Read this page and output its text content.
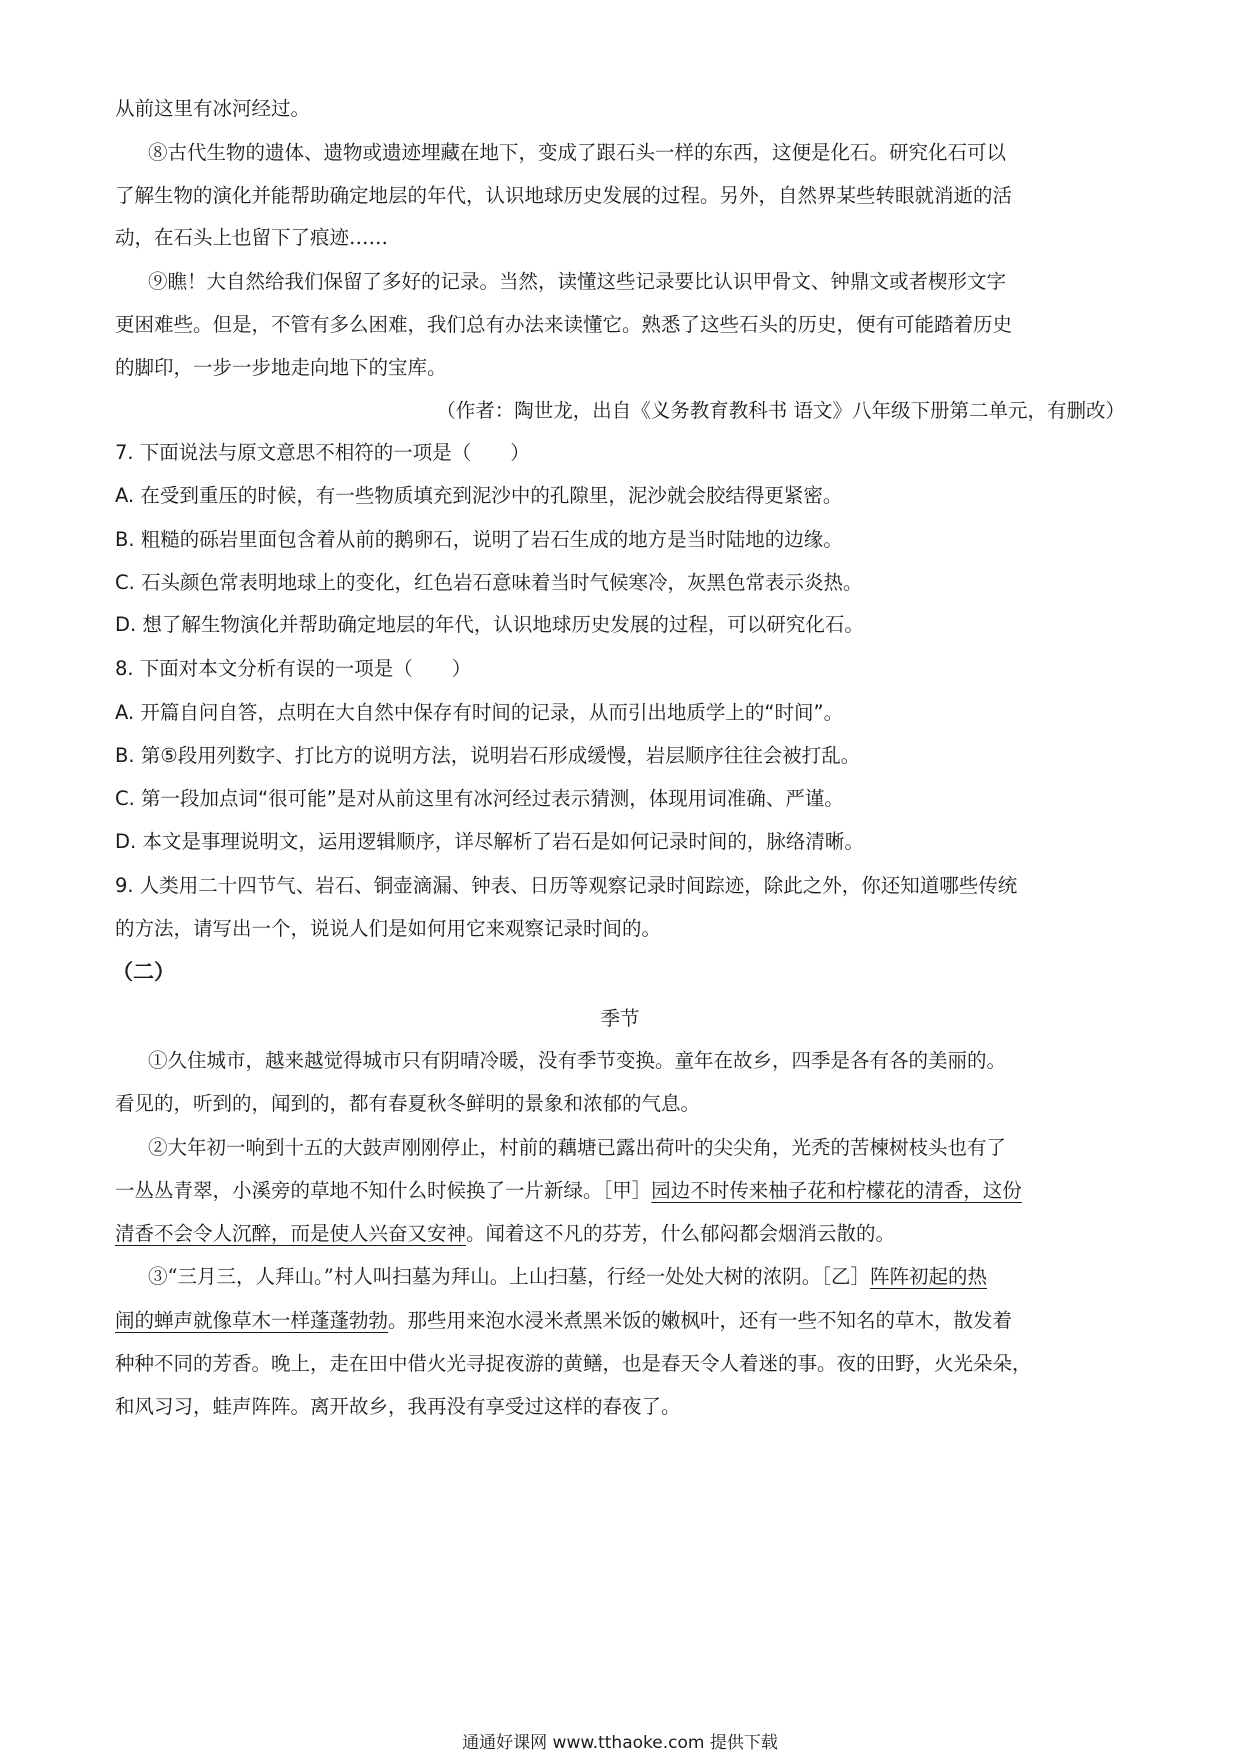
从前这里有冰河经过。
⑧古代生物的遗体、遗物或遗迹埋藏在地下，变成了跟石头一样的东西，这便是化石。研究化石可以
了解生物的演化并能帮助确定地层的年代，认识地球历史发展的过程。另外，自然界某些转眼就消逝的活
动，在石头上也留下了痕迹……
⑨瞧！大自然给我们保留了多好的记录。当然，读懂这些记录要比认识甲骨文、钟鼎文或者楔形文字
更困难些。但是，不管有多么困难，我们总有办法来读懂它。熟悉了这些石头的历史，便有可能踏着历史
的脚印，一步一步地走向地下的宝库。
（作者：陶世龙，出自《义务教育教科书 语文》八年级下册第二单元，有删改）
7. 下面说法与原文意思不相符的一项是（　　）
A. 在受到重压的时候，有一些物质填充到泥沙中的孔隙里，泥沙就会胶结得更紧密。
B. 粗糙的砾岩里面包含着从前的鹅卵石，说明了岩石生成的地方是当时陆地的边缘。
C. 石头颜色常表明地球上的变化，红色岩石意味着当时气候寒冷，灰黑色常表示炎热。
D. 想了解生物演化并帮助确定地层的年代，认识地球历史发展的过程，可以研究化石。
8. 下面对本文分析有误的一项是（　　）
A. 开篇自问自答，点明在大自然中保存有时间的记录，从而引出地质学上的“时间”。
B. 第⑤段用列数字、打比方的说明方法，说明岩石形成缓慢，岩层顺序往往会被打乱。
C. 第一段加点词“很可能”是对从前这里有冰河经过表示猜测，体现用词准确、严谨。
D. 本文是事理说明文，运用逻辑顺序，详尽解析了岩石是如何记录时间的，脉络清晰。
9. 人类用二十四节气、岩石、铜壶滴漏、钟表、日历等观察记录时间踪迹，除此之外，你还知道哪些传统
的方法，请写出一个，说说人们是如何用它来观察记录时间的。
（二）
季节
①久住城市，越来越觉得城市只有阴晴冷暖，没有季节变换。童年在故乡，四季是各有各的美丽的。
看见的，听到的，闻到的，都有春夏秋冬鲜明的景象和浓郁的气息。
②大年初一响到十五的大鼓声刚刚停止，村前的藕塘已露出荷叶的尖尖角，光秃的苦楝树枝头也有了
一丛丛青翠，小溪旁的草地不知什么时候换了一片新绿。［甲］园边不时传来柚子花和柠檬花的清香，这份
清香不会令人沉醉，而是使人兴奋又安神。闻着这不凡的芬芳，什么郁闷都会烟消云散的。
③“三月三，人拜山。”村人叫扫墓为拜山。上山扫墓，行经一处处大树的浓阴。［乙］阵阵初起的热
闹的蝉声就像草木一样蓬蓬勃勃。那些用来泡水浸米煮黑米饭的嫩枫叶，还有一些不知名的草木，散发着
种种不同的芳香。晚上，走在田中借火光寻捉夜游的黄鳝，也是春天令人着迷的事。夜的田野，火光朵朵，
和风习习，蛙声阵阵。离开故乡，我再没有享受过这样的春夜了。
通通好课网 www.tthaoke.com 提供下载
